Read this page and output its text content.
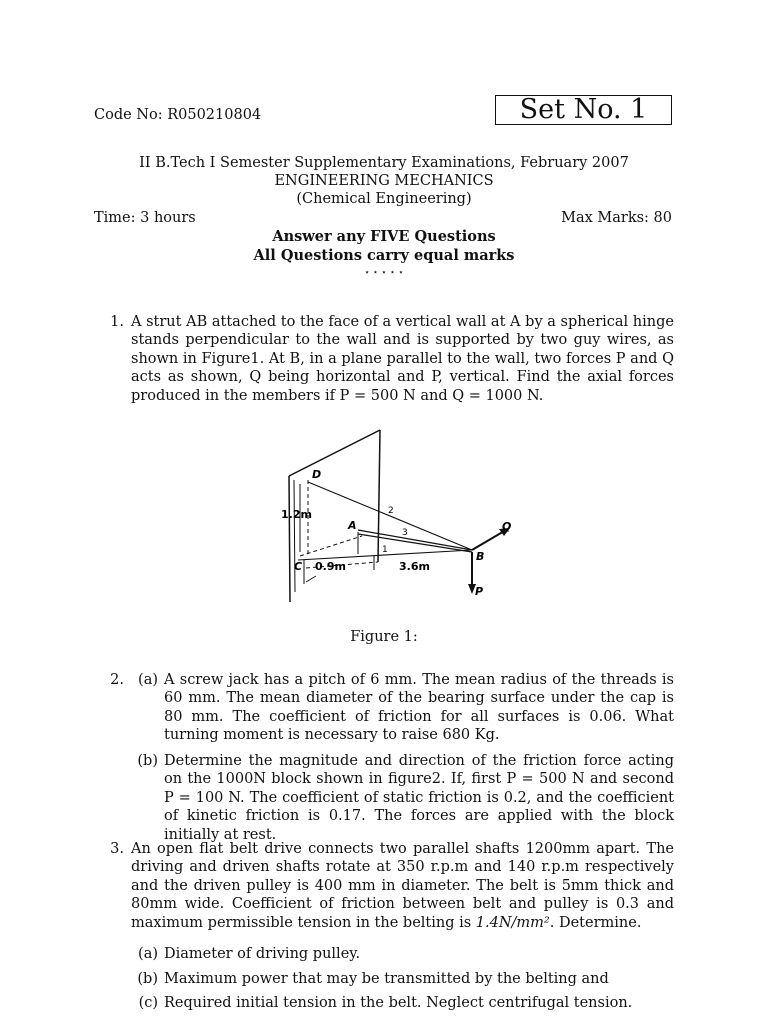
Code No: R050210804	Set No. 1
II B.Tech I Semester Supplementary Examinations, February 2007
ENGINEERING MECHANICS
(Chemical Engineering)
Time: 3 hours	Max Marks: 80
Answer any FIVE Questions
All Questions carry equal marks
⋆ ⋆ ⋆ ⋆ ⋆
1. A strut AB attached to the face of a vertical wall at A by a spherical hinge stands perpendicular to the wall and is supported by two guy wires, as shown in Figure1. At B, in a plane parallel to the wall, two forces P and Q acts as shown, Q being horizontal and P, vertical. Find the axial forces produced in the members if P = 500 N and Q = 1000 N.
D
A
B
C
Q
P
1
2
3
1.2m
0.9m	3.6m
Figure 1:
2. (a) A screw jack has a pitch of 6 mm. The mean radius of the threads is 60 mm. The mean diameter of the bearing surface under the cap is 80 mm. The coefficient of friction for all surfaces is 0.06. What turning moment is necessary to raise 680 Kg.
(b) Determine the magnitude and direction of the friction force acting on the 1000N block shown in figure2. If, first P = 500 N and second P = 100 N. The coefficient of static friction is 0.2, and the coefficient of kinetic friction is 0.17. The forces are applied with the block initially at rest.
3. An open flat belt drive connects two parallel shafts 1200mm apart. The driving and driven shafts rotate at 350 r.p.m and 140 r.p.m respectively and the driven pulley is 400 mm in diameter. The belt is 5mm thick and 80mm wide. Coefficient of friction between belt and pulley is 0.3 and maximum permissible tension in the belting is 1.4N/mm². Determine.
(a) Diameter of driving pulley.
(b) Maximum power that may be transmitted by the belting and
(c) Required initial tension in the belt. Neglect centrifugal tension.
